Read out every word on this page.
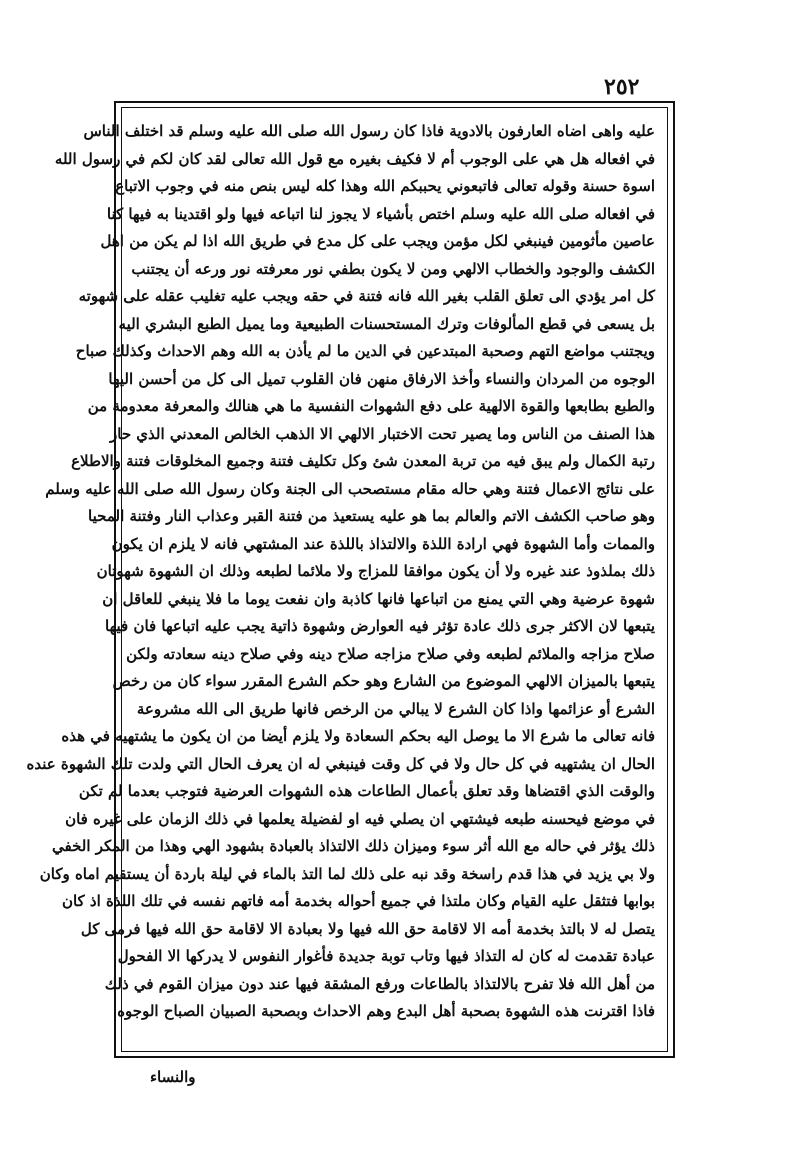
٢٥٢
عليه واهى اضاه العارفون بالادوية فاذا كان رسول الله صلى الله عليه وسلم قد اختلف الناس
في افعاله هل هي على الوجوب أم لا فكيف بغيره مع قول الله تعالى لقد كان لكم في رسول الله
اسوة حسنة وقوله تعالى فاتبعوني يحببكم الله وهذا كله ليس بنص منه في وجوب الاتباع
في افعاله صلى الله عليه وسلم اختص بأشياء لا يجوز لنا اتباعه فيها ولو اقتدينا به فيها كنا
عاصين مأثومين فينبغي لكل مؤمن ويجب على كل مدع في طريق الله اذا لم يكن من اهل
الكشف والوجود والخطاب الالهي ومن لا يكون بطفي نور معرفته نور ورعه أن يجتنب
كل امر يؤدي الى تعلق القلب بغير الله فانه فتنة في حقه ويجب عليه تغليب عقله على شهوته
بل يسعى في قطع المألوفات وترك المستحسنات الطبيعية وما يميل الطبع البشري اليه
ويجتنب مواضع التهم وصحبة المبتدعين في الدين ما لم يأذن به الله وهم الاحداث وكذلك صباح
الوجوه من المردان والنساء وأخذ الارفاق منهن فان القلوب تميل الى كل من أحسن اليها
والطبع بطابعها والقوة الالهية على دفع الشهوات النفسية ما هي هنالك والمعرفة معدومة من
هذا الصنف من الناس وما يصير تحت الاختبار الالهي الا الذهب الخالص المعدني الذي حاز
رتبة الكمال ولم يبق فيه من تربة المعدن شئ وكل تكليف فتنة وجميع المخلوقات فتنة والاطلاع
على نتائج الاعمال فتنة وهي حاله مقام مستصحب الى الجنة وكان رسول الله صلى الله عليه وسلم
وهو صاحب الكشف الاتم والعالم بما هو عليه يستعيذ من فتنة القبر وعذاب النار وفتنة المحيا
والممات وأما الشهوة فهي ارادة اللذة والالتذاذ باللذة عند المشتهي فانه لا يلزم ان يكون
ذلك بملذوذ عند غيره ولا أن يكون موافقا للمزاج ولا ملائما لطبعه وذلك ان الشهوة شهوتان
شهوة عرضية وهي التي يمنع من اتباعها فانها كاذبة وان نفعت يوما ما فلا ينبغي للعاقل ان
يتبعها لان الاكثر جرى ذلك عادة تؤثر فيه العوارض وشهوة ذاتية يجب عليه اتباعها فان فيها
صلاح مزاجه والملائم لطبعه وفي صلاح مزاجه صلاح دينه وفي صلاح دينه سعادته ولكن
يتبعها بالميزان الالهي الموضوع من الشارع وهو حكم الشرع المقرر سواء كان من رخص
الشرع أو عزائمها واذا كان الشرع لا يبالي من الرخص فانها طريق الى الله مشروعة
فانه تعالى ما شرع الا ما يوصل اليه بحكم السعادة ولا يلزم أيضا من ان يكون ما يشتهيه في هذه
الحال ان يشتهيه في كل حال ولا في كل وقت فينبغي له ان يعرف الحال التي ولدت تلك الشهوة عنده
والوقت الذي اقتضاها وقد تعلق بأعمال الطاعات هذه الشهوات العرضية فتوجب بعدما لم تكن
في موضع فيحسنه طبعه فيشتهي ان يصلي فيه او لفضيلة يعلمها في ذلك الزمان على غيره فان
ذلك يؤثر في حاله مع الله أثر سوء وميزان ذلك الالتذاذ بالعبادة بشهود الهي وهذا من المكر الخفي
ولا بي يزيد في هذا قدم راسخة وقد نبه على ذلك لما التذ بالماء في ليلة باردة أن يستقيم اماه وكان
بوابها فتثقل عليه القيام وكان ملتذا في جميع أحواله بخدمة أمه فاتهم نفسه في تلك اللذة اذ كان
يتصل له لا بالتذ بخدمة أمه الا لاقامة حق الله فيها ولا بعبادة الا لاقامة حق الله فيها فرمى كل
عبادة تقدمت له كان له التذاذ فيها وتاب توبة جديدة فأغوار النفوس لا يدركها الا الفحول
من أهل الله فلا تفرح بالالتذاذ بالطاعات ورفع المشقة فيها عند دون ميزان القوم في ذلك
فاذا اقترنت هذه الشهوة بصحبة أهل البدع وهم الاحداث وبصحبة الصبيان الصباح الوجوه
والنساء
